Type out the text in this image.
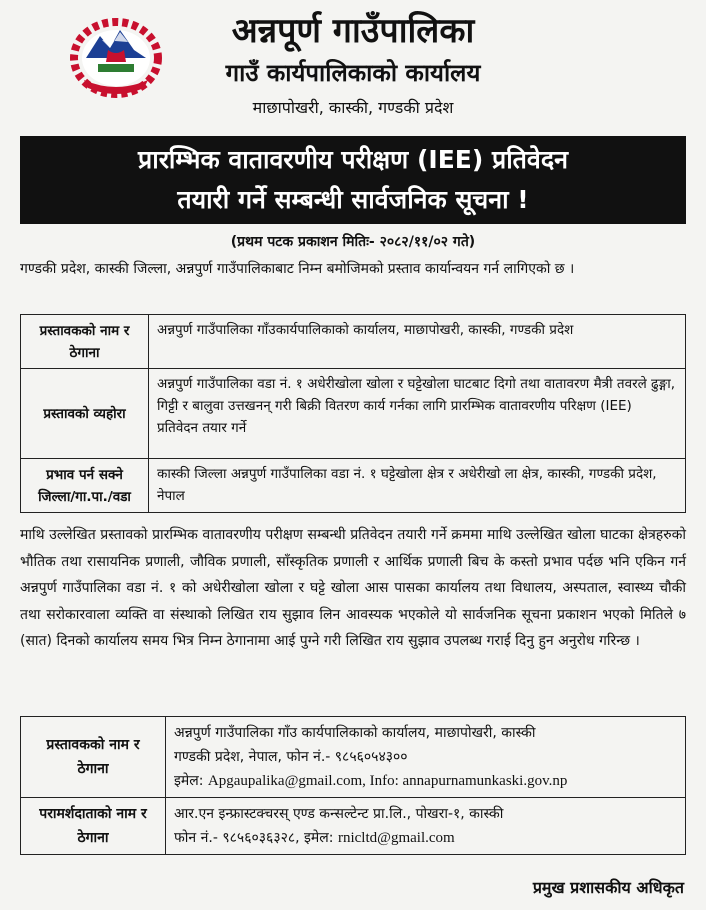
अन्नपूर्ण गाउँपालिका
गाउँ कार्यपालिकाको कार्यालय
माछापोखरी, कास्की, गण्डकी प्रदेश
प्रारम्भिक वातावरणीय परीक्षण (IEE) प्रतिवेदन
तयारी गर्ने सम्बन्धी सार्वजनिक सूचना !
(प्रथम पटक प्रकाशन मितिः- २०८२/११/०२ गते)
गण्डकी प्रदेश, कास्की जिल्ला, अन्नपुर्ण गाउँपालिकाबाट निम्न बमोजिमको प्रस्ताव कार्यान्वयन गर्न लागिएको छ ।
प्रस्तावकको नाम र ठेगाना	अन्नपुर्ण गाउँपालिका गाँउकार्यपालिकाको कार्यालय, माछापोखरी, कास्की, गण्डकी प्रदेश
प्रस्तावको व्यहोरा	अन्नपुर्ण गाउँपालिका वडा नं. १ अधेरीखोला खोला र घट्टेखोला घाटबाट दिगो तथा वातावरण मैत्री तवरले ढुङ्गा, गिट्टी र बालुवा उत्तखनन् गरी बिक्री वितरण कार्य गर्नका लागि प्रारम्भिक वातावरणीय परिक्षण (IEE) प्रतिवेदन तयार गर्ने
प्रभाव पर्न सक्ने जिल्ला/गा.पा./वडा	कास्की जिल्ला अन्नपुर्ण गाउँपालिका वडा नं. १ घट्टेखोला क्षेत्र र अधेरीखो ला क्षेत्र, कास्की, गण्डकी प्रदेश, नेपाल
माथि उल्लेखित प्रस्तावको प्रारम्भिक वातावरणीय परीक्षण सम्बन्धी प्रतिवेदन तयारी गर्ने क्रममा माथि उल्लेखित खोला घाटका क्षेत्रहरुको भौतिक तथा रासायनिक प्रणाली, जौविक प्रणाली, साँस्कृतिक प्रणाली र आर्थिक प्रणाली बिच के कस्तो प्रभाव पर्दछ भनि एकिन गर्न अन्नपुर्ण गाउँपालिका वडा नं. १ को अधेरीखोला खोला र घट्टे खोला आस पासका कार्यालय तथा विधालय, अस्पताल, स्वास्थ्य चौकी तथा सरोकारवाला व्यक्ति वा संस्थाको लिखित राय सुझाव लिन आवस्यक भएकोले यो सार्वजनिक सूचना प्रकाशन भएको मितिले ७ (सात) दिनको कार्यालय समय भित्र निम्न ठेगानामा आई पुग्ने गरी लिखित राय सुझाव उपलब्ध गराई दिनु हुन अनुरोध गरिन्छ ।
प्रस्तावकको नाम र ठेगाना	अन्नपुर्ण गाउँपालिका गाँउ कार्यपालिकाको कार्यालय, माछापोखरी, कास्की
गण्डकी प्रदेश, नेपाल, फोन नं.- ९८५६०५४३००
इमेल: Apgaupalika@gmail.com, Info: annapurnamunkaski.gov.np

परामर्शदाताको नाम र ठेगाना	आर.एन इन्फ्रास्टक्चरस् एण्ड कन्सल्टेन्ट प्रा.लि., पोखरा-१, कास्की
फोन नं.- ९८५६०३६३२८, इमेल: rnicltd@gmail.com
प्रमुख प्रशासकीय अधिकृत
